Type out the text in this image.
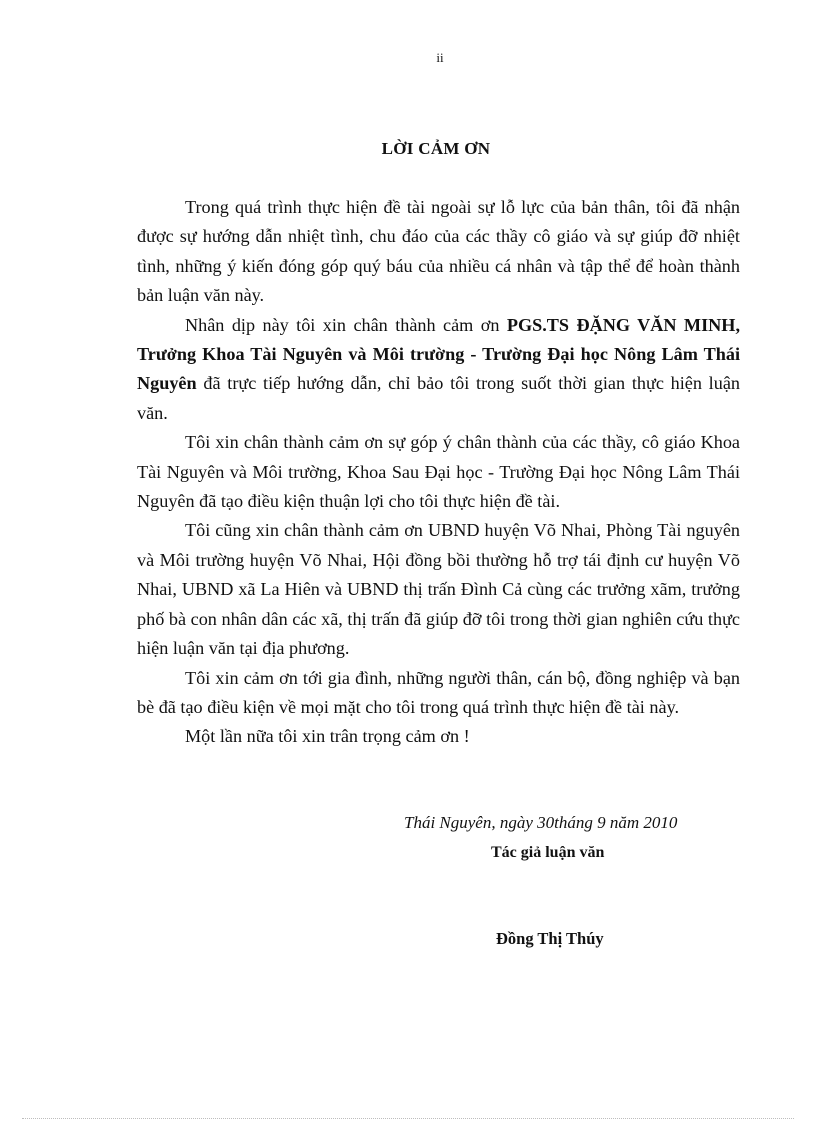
ii
LỜI CẢM ƠN

Trong quá trình thực hiện đề tài ngoài sự lỗ lực của bản thân, tôi đã nhận được sự hướng dẫn nhiệt tình, chu đáo của các thầy cô giáo và sự giúp đỡ nhiệt tình, những ý kiến đóng góp quý báu của nhiều cá nhân và tập thể để hoàn thành bản luận văn này.

Nhân dịp này tôi xin chân thành cảm ơn PGS.TS ĐẶNG VĂN MINH, Trưởng Khoa Tài Nguyên và Môi trường - Trường Đại học Nông Lâm Thái Nguyên đã trực tiếp hướng dẫn, chỉ bảo tôi trong suốt thời gian thực hiện luận văn.

Tôi xin chân thành cảm ơn sự góp ý chân thành của các thầy, cô giáo Khoa Tài Nguyên và Môi trường, Khoa Sau Đại học - Trường Đại học Nông Lâm Thái Nguyên đã tạo điều kiện thuận lợi cho tôi thực hiện đề tài.

Tôi cũng xin chân thành cảm ơn UBND huyện Võ Nhai, Phòng Tài nguyên và Môi trường huyện Võ Nhai, Hội đồng bồi thường hỗ trợ tái định cư huyện Võ Nhai, UBND xã La Hiên và UBND thị trấn Đình Cả cùng các trưởng xãm, trưởng phố bà con nhân dân các xã, thị trấn đã giúp đỡ tôi trong thời gian nghiên cứu thực hiện luận văn tại địa phương.

Tôi xin cảm ơn tới gia đình, những người thân, cán bộ, đồng nghiệp và bạn bè đã tạo điều kiện về mọi mặt cho tôi trong quá trình thực hiện đề tài này.

Một lần nữa tôi xin trân trọng cảm ơn !

Thái Nguyên, ngày 30tháng 9 năm 2010
Tác giả luận văn
Đồng Thị Thúy
